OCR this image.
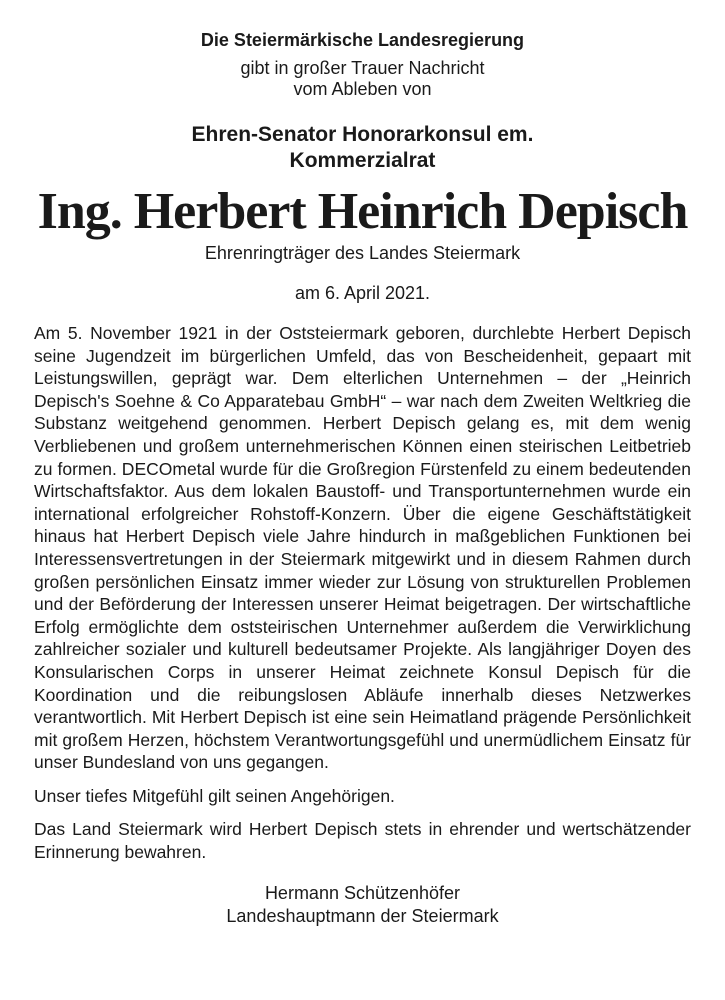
Die Steiermärkische Landesregierung

gibt in großer Trauer Nachricht

vom Ableben von

Ehren-Senator Honorarkonsul em.
Kommerzialrat
Ing. Herbert Heinrich Depisch

Ehrenringträger des Landes Steiermark

am 6. April 2021.

Am 5. November 1921 in der Oststeiermark geboren, durchlebte Herbert Depisch seine Jugendzeit im bürgerlichen Umfeld, das von Bescheidenheit, gepaart mit Leistungswillen, geprägt war. Dem elterlichen Unternehmen – der „Heinrich Depisch's Soehne & Co Apparatebau GmbH“ – war nach dem Zweiten Weltkrieg die Substanz weitgehend genommen. Herbert Depisch gelang es, mit dem wenig Verbliebenen und großem unternehmerischen Können einen steirischen Leitbetrieb zu formen. DECOmetal wurde für die Großregion Fürstenfeld zu einem bedeutenden Wirtschaftsfaktor. Aus dem lokalen Baustoff- und Transportunternehmen wurde ein international erfolgreicher Rohstoff-Konzern. Über die eigene Geschäftstätigkeit hinaus hat Herbert Depisch viele Jahre hindurch in maßgeblichen Funktionen bei Interessensvertretungen in der Steiermark mitgewirkt und in diesem Rahmen durch großen persönlichen Einsatz immer wieder zur Lösung von strukturellen Problemen und der Beförderung der Interessen unserer Heimat beigetragen. Der wirtschaftliche Erfolg ermöglichte dem oststeirischen Unternehmer außerdem die Verwirklichung zahlreicher sozialer und kulturell bedeutsamer Projekte. Als langjähriger Doyen des Konsularischen Corps in unserer Heimat zeichnete Konsul Depisch für die Koordination und die reibungslosen Abläufe innerhalb dieses Netzwerkes verantwortlich. Mit Herbert Depisch ist eine sein Heimatland prägende Persönlichkeit mit großem Herzen, höchstem Verantwortungsgefühl und unermüdlichem Einsatz für unser Bundesland von uns gegangen.

Unser tiefes Mitgefühl gilt seinen Angehörigen.

Das Land Steiermark wird Herbert Depisch stets in ehrender und wertschätzender Erinnerung bewahren.

Hermann Schützenhöfer
Landeshauptmann der Steiermark
